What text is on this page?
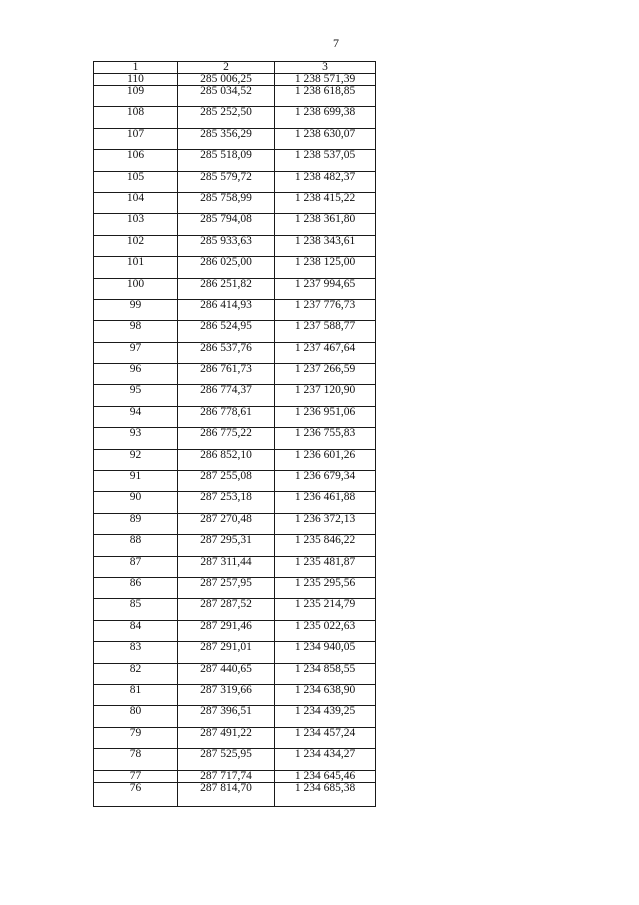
7
1	2	3
110	285 006,25	1 238 571,39
109	285 034,52	1 238 618,85
108	285 252,50	1 238 699,38
107	285 356,29	1 238 630,07
106	285 518,09	1 238 537,05
105	285 579,72	1 238 482,37
104	285 758,99	1 238 415,22
103	285 794,08	1 238 361,80
102	285 933,63	1 238 343,61
101	286 025,00	1 238 125,00
100	286 251,82	1 237 994,65
99	286 414,93	1 237 776,73
98	286 524,95	1 237 588,77
97	286 537,76	1 237 467,64
96	286 761,73	1 237 266,59
95	286 774,37	1 237 120,90
94	286 778,61	1 236 951,06
93	286 775,22	1 236 755,83
92	286 852,10	1 236 601,26
91	287 255,08	1 236 679,34
90	287 253,18	1 236 461,88
89	287 270,48	1 236 372,13
88	287 295,31	1 235 846,22
87	287 311,44	1 235 481,87
86	287 257,95	1 235 295,56
85	287 287,52	1 235 214,79
84	287 291,46	1 235 022,63
83	287 291,01	1 234 940,05
82	287 440,65	1 234 858,55
81	287 319,66	1 234 638,90
80	287 396,51	1 234 439,25
79	287 491,22	1 234 457,24
78	287 525,95	1 234 434,27
77	287 717,74	1 234 645,46
76	287 814,70	1 234 685,38
